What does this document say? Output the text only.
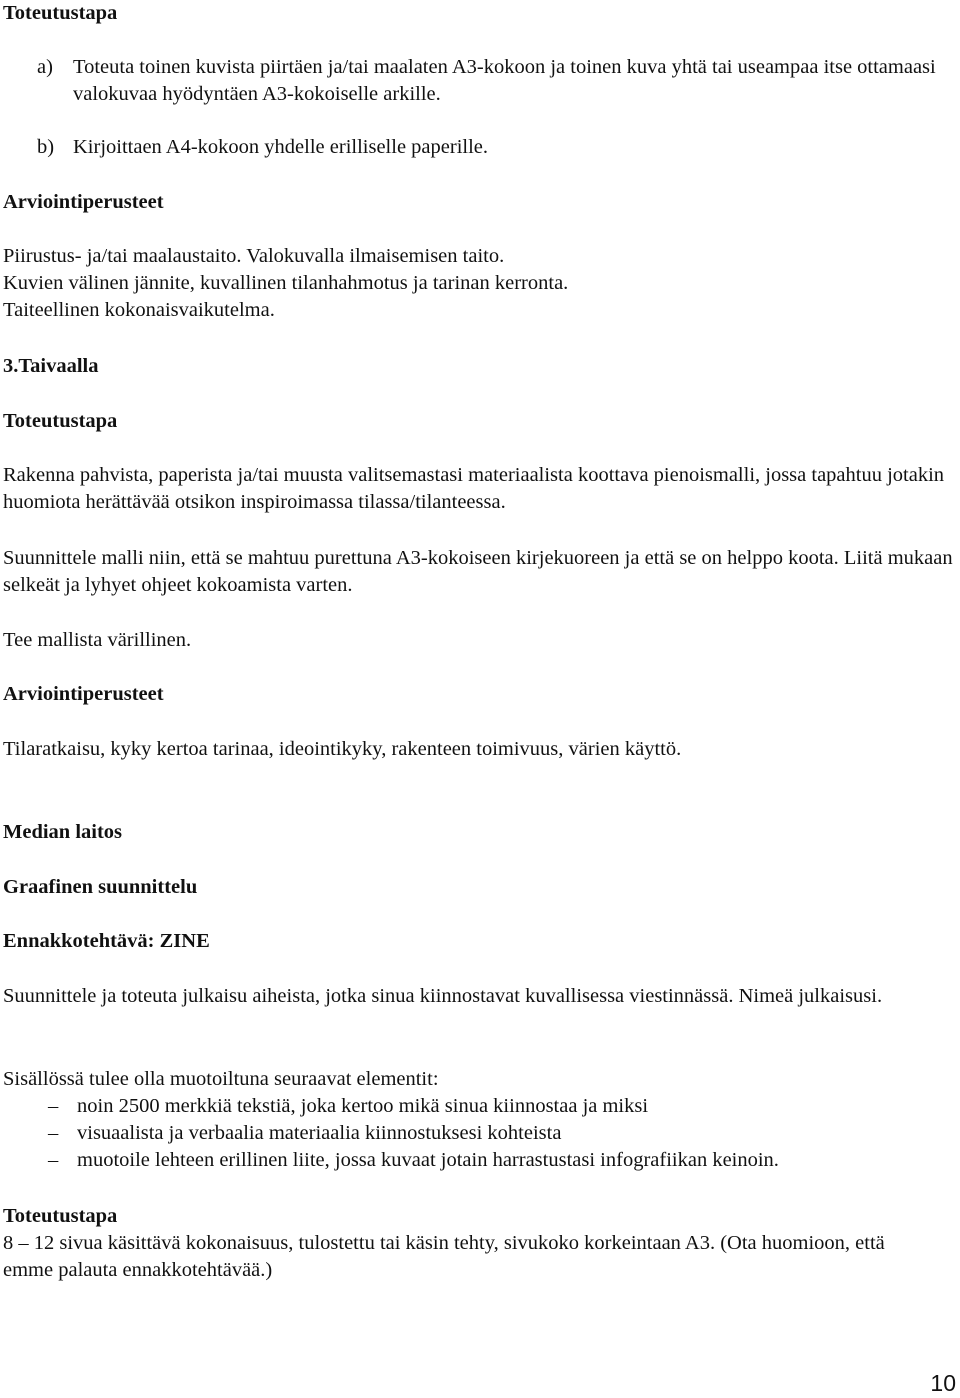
Toteutustapa

a) Toteuta toinen kuvista piirtäen ja/tai maalaten A3-kokoon ja toinen kuva yhtä tai useampaa itse ottamaasi valokuvaa hyödyntäen A3-kokoiselle arkille.
b) Kirjoittaen A4-kokoon yhdelle erilliselle paperille.

Arviointiperusteet

Piirustus- ja/tai maalaustaito. Valokuvalla ilmaisemisen taito.

Kuvien välinen jännite, kuvallinen tilanhahmotus ja tarinan kerronta.

Taiteellinen kokonaisvaikutelma.

3.Taivaalla

Toteutustapa

Rakenna pahvista, paperista ja/tai muusta valitsemastasi materiaalista koottava pienoismalli, jossa tapahtuu jotakin huomiota herättävää otsikon inspiroimassa tilassa/tilanteessa.

Suunnittele malli niin, että se mahtuu purettuna A3-kokoiseen kirjekuoreen ja että se on helppo koota. Liitä mukaan selkeät ja lyhyet ohjeet kokoamista varten.

Tee mallista värillinen.

Arviointiperusteet

Tilaratkaisu, kyky kertoa tarinaa, ideointikyky, rakenteen toimivuus, värien käyttö.

Median laitos

Graafinen suunnittelu

Ennakkotehtävä: ZINE

Suunnittele ja toteuta julkaisu aiheista, jotka sinua kiinnostavat kuvallisessa viestinnässä. Nimeä julkaisusi.

Sisällössä tulee olla muotoiltuna seuraavat elementit:

– noin 2500 merkkiä tekstiä, joka kertoo mikä sinua kiinnostaa ja miksi
– visuaalista ja verbaalia materiaalia kiinnostuksesi kohteista
– muotoile lehteen erillinen liite, jossa kuvaat jotain harrastustasi infografiikan keinoin.

Toteutustapa

8 – 12 sivua käsittävä kokonaisuus, tulostettu tai käsin tehty, sivukoko korkeintaan A3. (Ota huomioon, että emme palauta ennakkotehtävää.)

10
